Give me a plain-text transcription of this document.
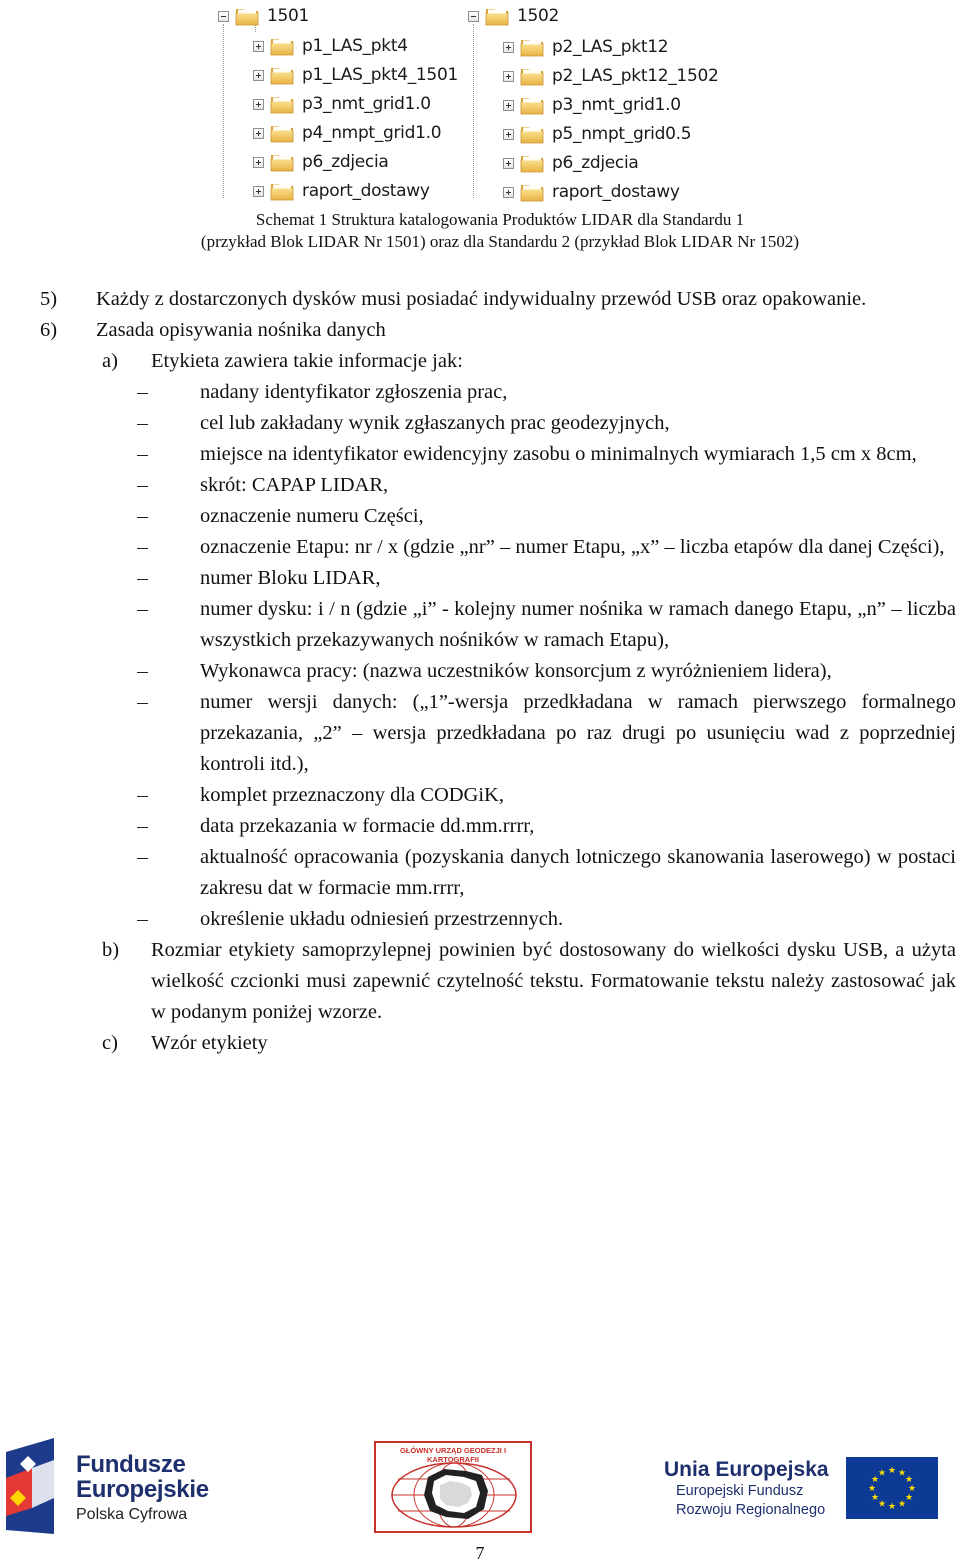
1501
p1_LAS_pkt4
p1_LAS_pkt4_1501
p3_nmt_grid1.0
p4_nmpt_grid1.0
p6_zdjecia
raport_dostawy
1502
p2_LAS_pkt12
p2_LAS_pkt12_1502
p3_nmt_grid1.0
p5_nmpt_grid0.5
p6_zdjecia
raport_dostawy
Schemat 1 Struktura katalogowania Produktów LIDAR dla Standardu 1
(przykład Blok LIDAR Nr 1501) oraz dla Standardu 2 (przykład Blok LIDAR Nr 1502)
5) Każdy z dostarczonych dysków musi posiadać indywidualny przewód USB oraz opakowanie.
6) Zasada opisywania nośnika danych
a) Etykieta zawiera takie informacje jak:
nadany identyfikator zgłoszenia prac,
cel lub zakładany wynik zgłaszanych prac geodezyjnych,
miejsce na identyfikator ewidencyjny zasobu o minimalnych wymiarach 1,5 cm x 8cm,
skrót: CAPAP LIDAR,
oznaczenie numeru Części,
oznaczenie Etapu: nr / x (gdzie „nr” – numer Etapu, „x” – liczba etapów dla danej Części),
numer Bloku LIDAR,
numer dysku: i / n (gdzie „i” - kolejny numer nośnika w ramach danego Etapu, „n” – liczba wszystkich przekazywanych nośników w ramach Etapu),
Wykonawca pracy: (nazwa uczestników konsorcjum z wyróżnieniem lidera),
numer wersji danych: („1”-wersja przedkładana w ramach pierwszego formalnego przekazania, „2” – wersja przedkładana po raz drugi po usunięciu wad z poprzedniej kontroli itd.),
komplet przeznaczony dla CODGiK,
data przekazania w formacie dd.mm.rrrr,
aktualność opracowania (pozyskania danych lotniczego skanowania laserowego) w postaci zakresu dat w formacie mm.rrrr,
określenie układu odniesień przestrzennych.
b) Rozmiar etykiety samoprzylepnej powinien być dostosowany do wielkości dysku USB, a użyta wielkość czcionki musi zapewnić czytelność tekstu. Formatowanie tekstu należy zastosować jak w podanym poniżej wzorze.
c) Wzór etykiety
Fundusze
Europejskie
Polska Cyfrowa
GŁÓWNY URZĄD GEODEZJI I KARTOGRAFII	Unia Europejska
Europejski Fundusz
Rozwoju Regionalnego
★ ★
★
★
★
★
★
★
★
★
★
★
7
